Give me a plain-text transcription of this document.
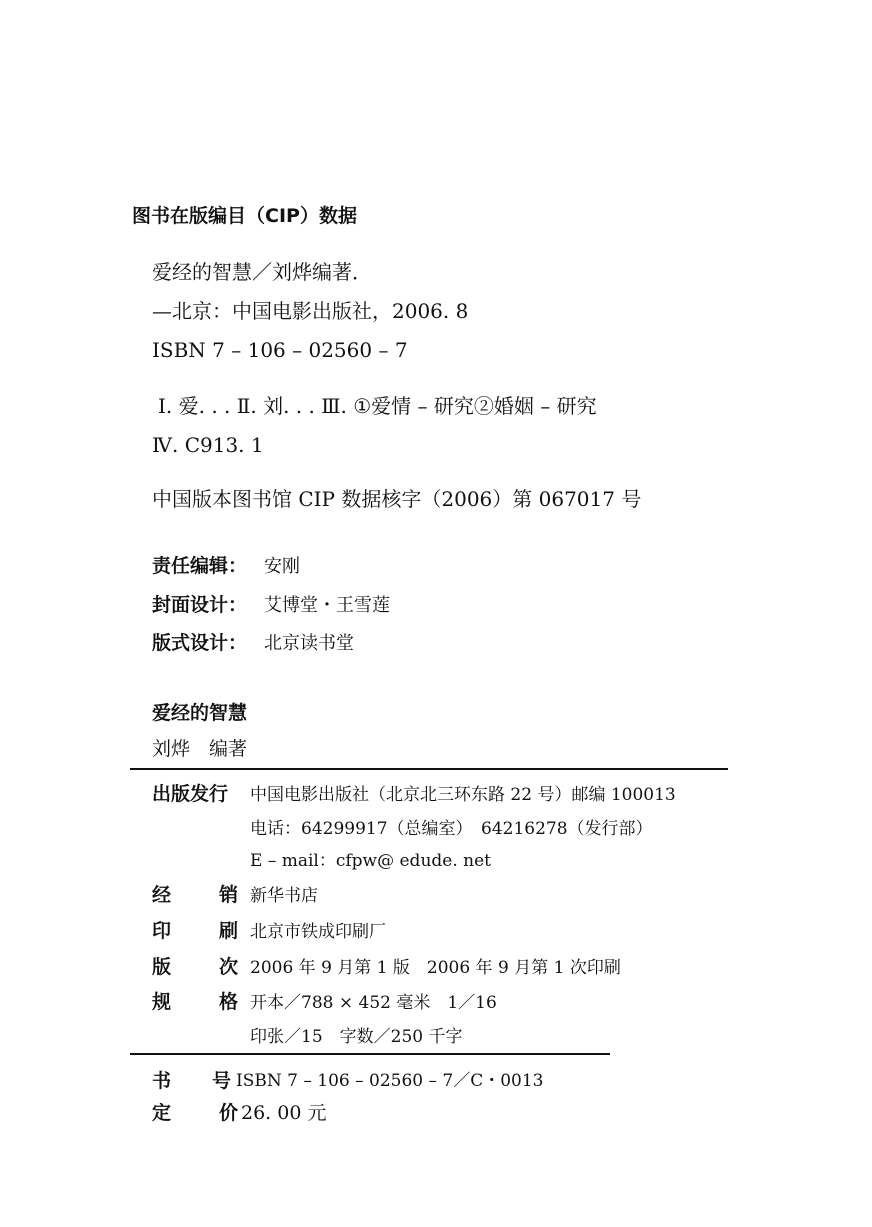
图书在版编目（CIP）数据
爱经的智慧／刘烨编著．
—北京：中国电影出版社，2006. 8
ISBN 7 – 106 – 02560 – 7
Ⅰ. 爱. . . Ⅱ. 刘. . . Ⅲ. ①爱情 – 研究②婚姻 – 研究
Ⅳ. C913. 1
中国版本图书馆 CIP 数据核字（2006）第 067017 号
责任编辑： 安刚
封面设计： 艾博堂・王雪莲
版式设计： 北京读书堂
爱经的智慧
刘烨　编著
出版发行 中国电影出版社（北京北三环东路 22 号）邮编 100013
电话：64299917（总编室）　64216278（发行部）
E – mail：cfpw@ edude. net
经	销 新华书店
印	刷 北京市铁成印刷厂
版	次 2006 年 9 月第 1 版　2006 年 9 月第 1 次印刷
规	格 开本／788 × 452 毫米　1／16
印张／15　字数／250 千字
书 号 ISBN 7 – 106 – 02560 – 7／C・0013
定	价 26. 00 元
